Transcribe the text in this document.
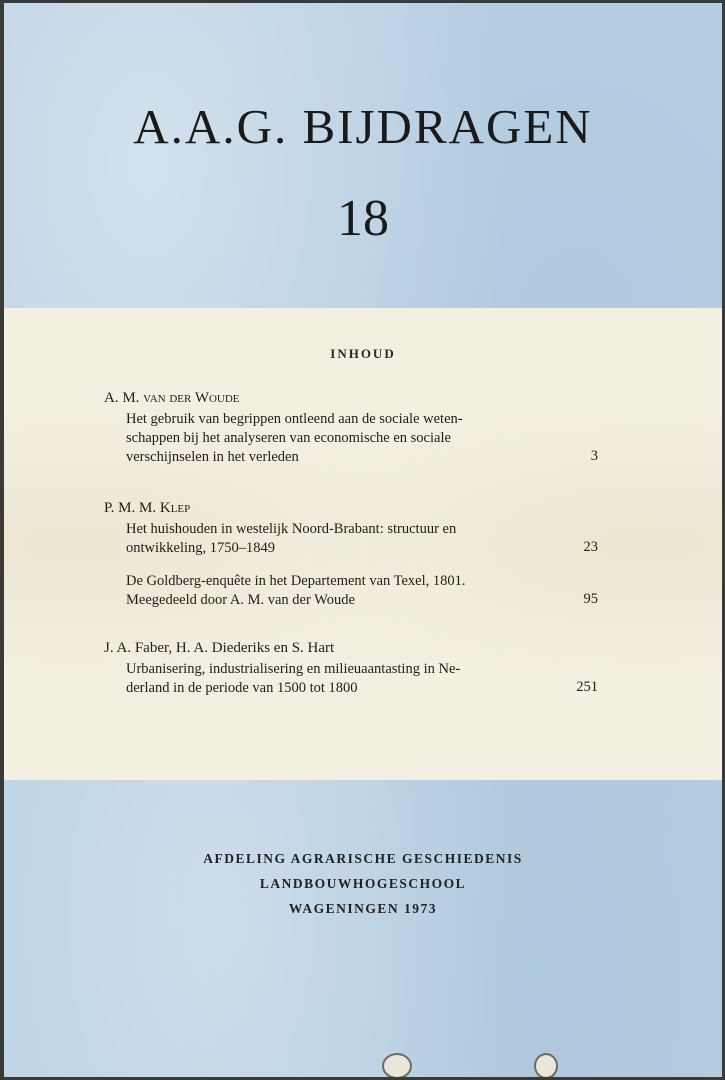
A.A.G. BIJDRAGEN
18
INHOUD
A. M. van der Woude
Het gebruik van begrippen ontleend aan de sociale weten-
schappen bij het analyseren van economische en sociale
verschijnselen in het verleden	3
P. M. M. Klep
Het huishouden in westelijk Noord-Brabant: structuur en
ontwikkeling, 1750–1849	23
De Goldberg-enquête in het Departement van Texel, 1801.
Meegedeeld door A. M. van der Woude	95
J. A. Faber, H. A. Diederiks en S. Hart
Urbanisering, industrialisering en milieuaantasting in Ne-
derland in de periode van 1500 tot 1800	251
AFDELING AGRARISCHE GESCHIEDENIS
LANDBOUWHOGESCHOOL
WAGENINGEN 1973
